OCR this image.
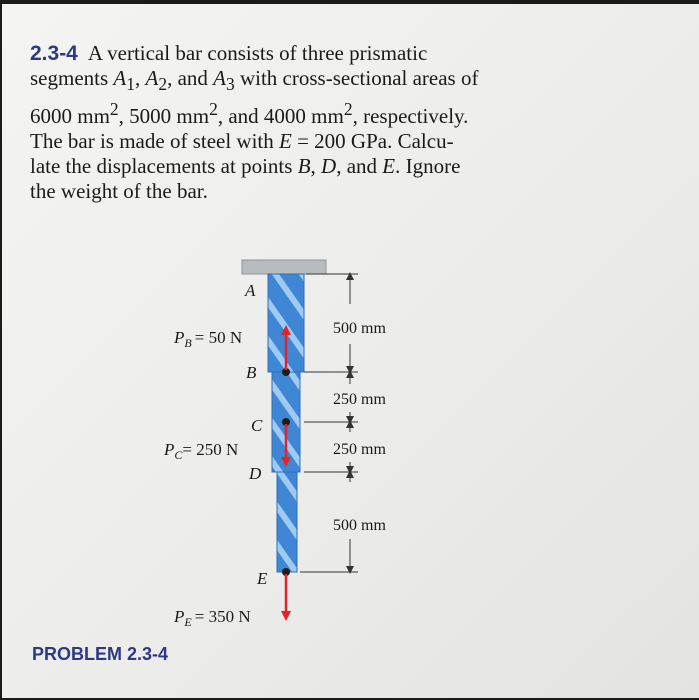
2.3-4 A vertical bar consists of three prismatic
segments $A_1$, $A_2$, and $A_3$ with cross-sectional areas of
6000 $mm^2$, 5000 $mm^2$, and 4000 $mm^2$, respectively.
The bar is made of steel with E = 200 GPa. Calcu-
late the displacements at points B, D, and E. Ignore
the weight of the bar.

A
B
C
D
E
$P_B = 50$ N
$P_C= 250$ N
$P_E = 350$ N
500 mm
250 mm
250 mm
500 mm
PROBLEM 2.3-4
